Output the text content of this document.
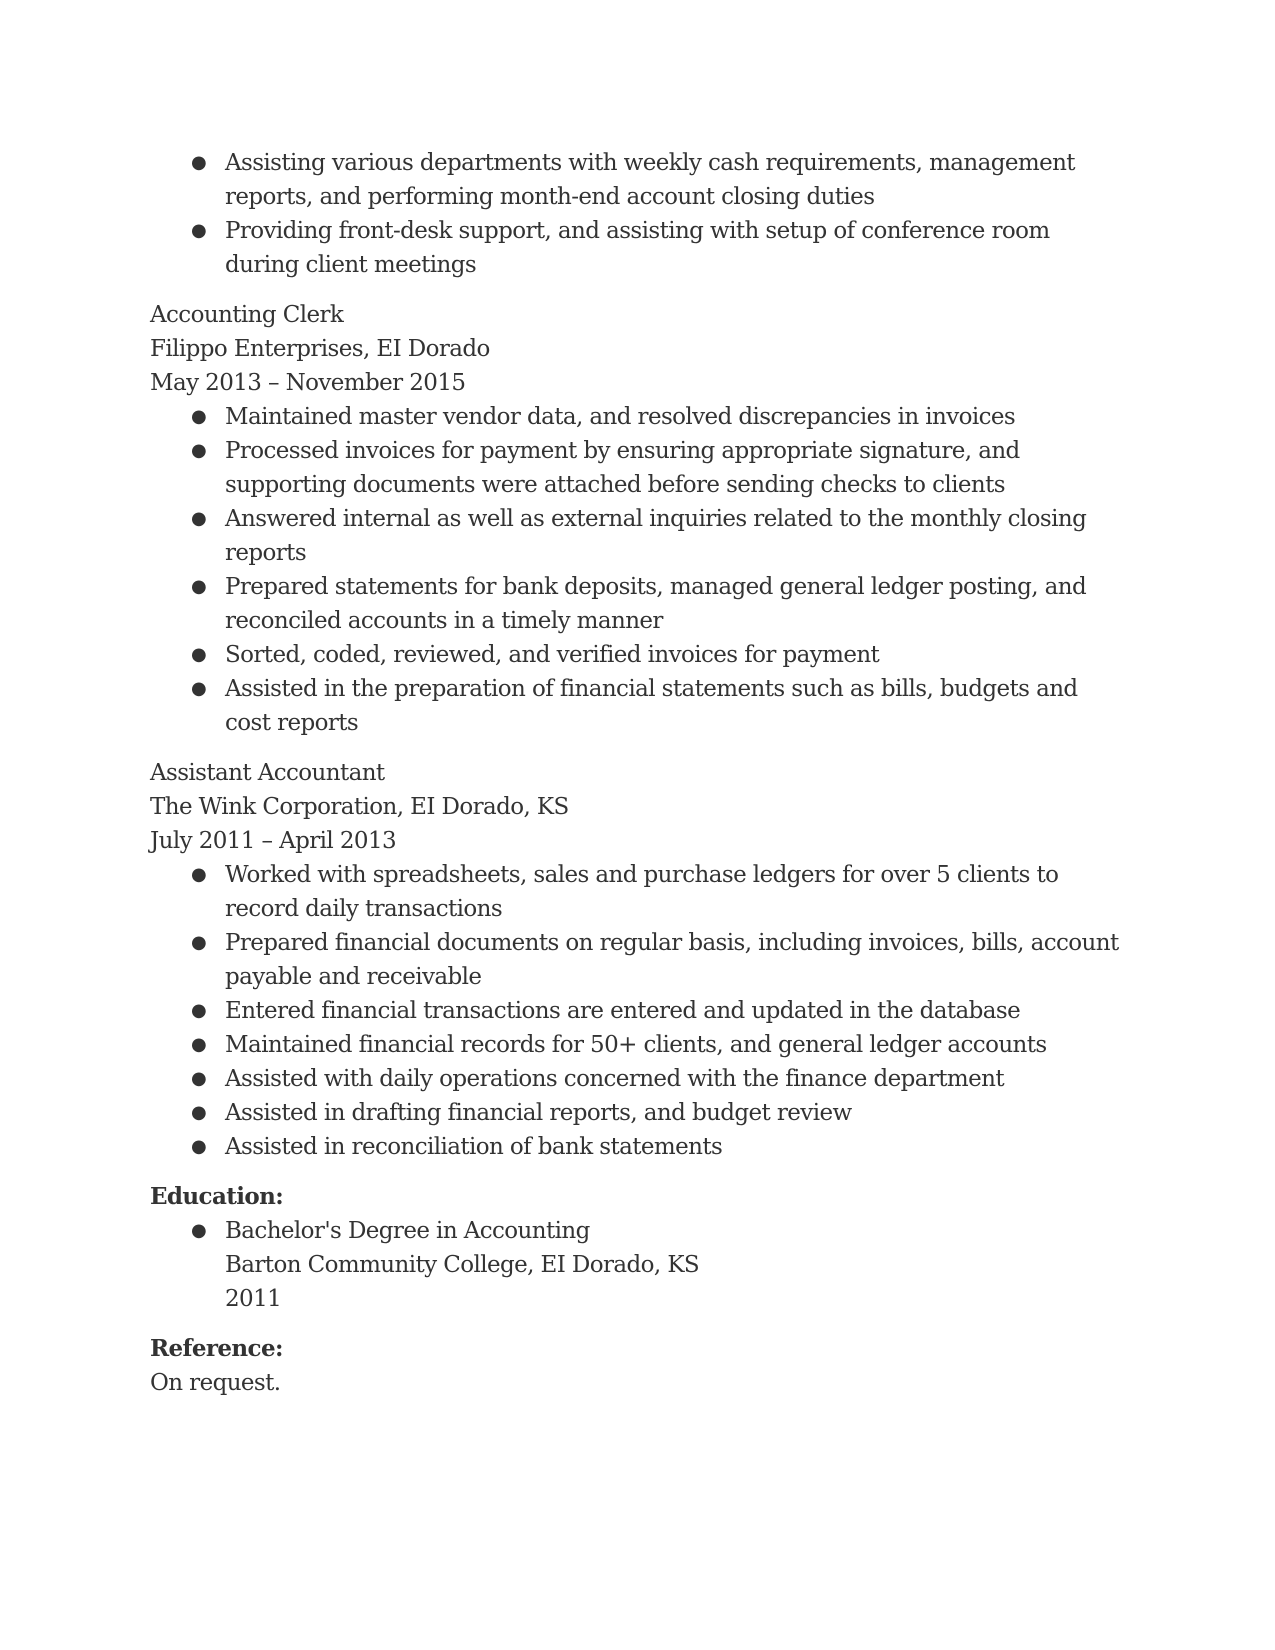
● Assisting various departments with weekly cash requirements, management reports, and performing month-end account closing duties
● Providing front-desk support, and assisting with setup of conference room during client meetings

Accounting Clerk

Filippo Enterprises, EI Dorado

May 2013 – November 2015

● Maintained master vendor data, and resolved discrepancies in invoices
● Processed invoices for payment by ensuring appropriate signature, and supporting documents were attached before sending checks to clients
● Answered internal as well as external inquiries related to the monthly closing reports
● Prepared statements for bank deposits, managed general ledger posting, and reconciled accounts in a timely manner
● Sorted, coded, reviewed, and verified invoices for payment
● Assisted in the preparation of financial statements such as bills, budgets and cost reports

Assistant Accountant

The Wink Corporation, EI Dorado, KS

July 2011 – April 2013

● Worked with spreadsheets, sales and purchase ledgers for over 5 clients to record daily transactions
● Prepared financial documents on regular basis, including invoices, bills, account payable and receivable
● Entered financial transactions are entered and updated in the database
● Maintained financial records for 50+ clients, and general ledger accounts
● Assisted with daily operations concerned with the finance department
● Assisted in drafting financial reports, and budget review
● Assisted in reconciliation of bank statements
Education:
● Bachelor's Degree in Accounting
Barton Community College, EI Dorado, KS
2011
Reference:

On request.
